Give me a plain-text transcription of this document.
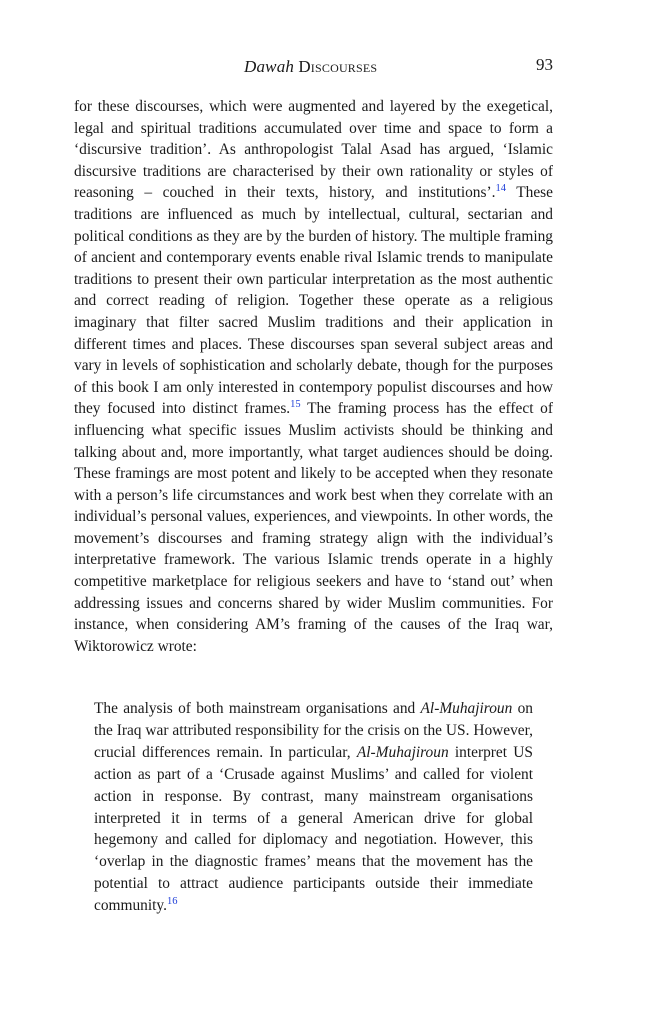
Dawah Discourses	93

for these discourses, which were augmented and layered by the exegetical, legal and spiritual traditions accumulated over time and space to form a ‘discursive tradition’. As anthropologist Talal Asad has argued, ‘Islamic discursive traditions are characterised by their own rationality or styles of reasoning – couched in their texts, history, and institutions’.$^{14}$ These traditions are influenced as much by intellectual, cultural, sectarian and political conditions as they are by the burden of history. The multiple framing of ancient and contemporary events enable rival Islamic trends to manipulate traditions to present their own particular interpretation as the most authentic and correct reading of religion. Together these operate as a religious imaginary that filter sacred Muslim traditions and their application in different times and places. These discourses span several subject areas and vary in levels of sophistication and scholarly debate, though for the purposes of this book I am only interested in contempory populist discourses and how they focused into distinct frames.$^{15}$ The framing process has the effect of influencing what specific issues Muslim activists should be thinking and talking about and, more importantly, what target audiences should be doing. These framings are most potent and likely to be accepted when they resonate with a person’s life circumstances and work best when they correlate with an individual’s personal values, experiences, and viewpoints. In other words, the movement’s discourses and framing strategy align with the individual’s interpretative framework. The various Islamic trends operate in a highly competitive marketplace for religious seekers and have to ‘stand out’ when addressing issues and concerns shared by wider Muslim communities. For instance, when considering AM’s framing of the causes of the Iraq war, Wiktorowicz wrote:

The analysis of both mainstream organisations and Al-Muhajiroun on the Iraq war attributed responsibility for the crisis on the US. However, crucial differences remain. In particular, Al-Muhajiroun interpret US action as part of a ‘Crusade against Muslims’ and called for violent action in response. By contrast, many mainstream organisations interpreted it in terms of a general American drive for global hegemony and called for diplomacy and negotiation. However, this ‘overlap in the diagnostic frames’ means that the movement has the potential to attract audience participants outside their immediate community.$^{16}$
